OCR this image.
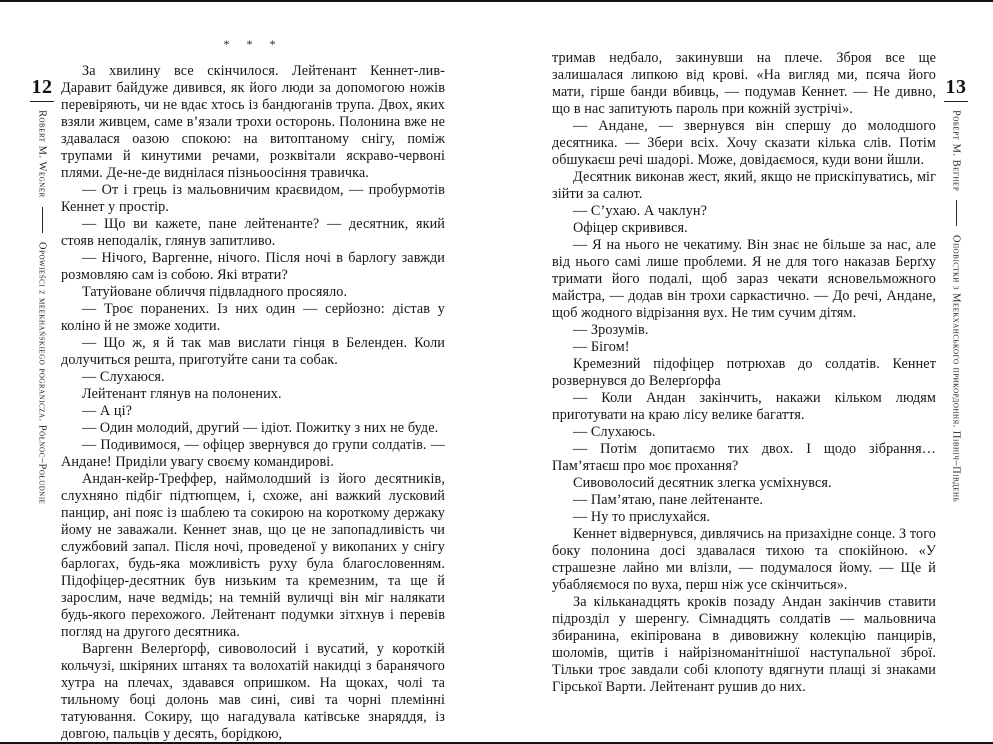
12
Robert M. Wegner
Opowieści z meekhańskiego pogranicza. Północ–Południe
13
Роберт М. Вегнер
Оповістки з Меекханського прикордоння. Північ–Південь
* * *

За хвилину все скінчилося. Лейтенант Кеннет-лив-Даравит байдуже дивився, як його люди за допомогою ножів перевіряють, чи не вдає хтось із бандюганів трупа. Двох, яких взяли живцем, саме в’язали трохи осторонь. Полонина вже не здавалася оазою спокою: на витоптаному снігу, поміж трупами й кинутими речами, розквітали яскраво-червоні плями. Де-не-де виднілася пізньоосіння травичка.

— От і грець із мальовничим краєвидом, — пробурмотів Кеннет у простір.

— Що ви кажете, пане лейтенанте? — десятник, який стояв неподалік, глянув запитливо.

— Нічого, Варгенне, нічого. Після ночі в барлогу завжди розмовляю сам із собою. Які втрати?

Татуйоване обличчя підвладного просяяло.

— Троє поранених. Із них один — серйозно: дістав у коліно й не зможе ходити.

— Що ж, я й так мав вислати гінця в Беленден. Коли долучиться решта, приготуйте сани та собак.

— Слухаюся.

Лейтенант глянув на полонених.

— А ці?

— Один молодий, другий — ідіот. Пожитку з них не буде.

— Подивимося, — офіцер звернувся до групи солдатів. — Андане! Приділи увагу своєму командирові.

Андан-кейр-Треффер, наймолодший із його десятників, слухняно підбіг підтюпцем, і, схоже, ані важкий лусковий панцир, ані пояс із шаблею та сокирою на короткому держаку йому не заважали. Кеннет знав, що це не запопадливість чи службовий запал. Після ночі, проведеної у викопаних у снігу барлогах, будь-яка можливість руху була благословенням. Підофіцер-десятник був низьким та кремезним, та ще й зарослим, наче ведмідь; на темній вуличці він міг налякати будь-якого перехожого. Лейтенант подумки зітхнув і перевів погляд на другого десятника.

Варгенн Велерґорф, сивоволосий і вусатий, у короткій кольчузі, шкіряних штанях та волохатій накидці з баранячого хутра на плечах, здавався опришком. На щоках, чолі та тильному боці долонь мав сині, сиві та чорні племінні татуювання. Сокиру, що нагадувала катівське знаряддя, із довгою, пальців у десять, борідкою,

тримав недбало, закинувши на плече. Зброя все ще залишалася липкою від крові. «На вигляд ми, псяча його мати, гірше банди вбивць, — подумав Кеннет. — Не дивно, що в нас запитують пароль при кожній зустрічі».

— Андане, — звернувся він спершу до молодшого десятника. — Збери всіх. Хочу сказати кілька слів. Потім обшукаєш речі шадорі. Може, довідаємося, куди вони йшли.

Десятник виконав жест, який, якщо не прискіпуватись, міг зійти за салют.

— С’ухаю. А чаклун?

Офіцер скривився.

— Я на нього не чекатиму. Він знає не більше за нас, але від нього самі лише проблеми. Я не для того наказав Берґху тримати його подалі, щоб зараз чекати ясновельможного майстра, — додав він трохи саркастично. — До речі, Андане, щоб жодного відрізання вух. Не тим сучим дітям.

— Зрозумів.

— Бігом!

Кремезний підофіцер потрюхав до солдатів. Кеннет розвернувся до Велерґорфа

— Коли Андан закінчить, накажи кільком людям приготувати на краю лісу велике багаття.

— Слухаюсь.

— Потім допитаємо тих двох. І щодо зібрання… Пам’ятаєш про моє прохання?

Сивоволосий десятник злегка усміхнувся.

— Пам’ятаю, пане лейтенанте.

— Ну то прислухайся.

Кеннет відвернувся, дивлячись на призахідне сонце. З того боку полонина досі здавалася тихою та спокійною. «У страшезне лайно ми влізли, — подумалося йому. — Ще й убабляємося по вуха, перш ніж усе скінчиться».

За кільканадцять кроків позаду Андан закінчив ставити підрозділ у шеренгу. Сімнадцять солдатів — мальовнича збиранина, екіпірована в дивовижну колекцію панцирів, шоломів, щитів і найрізноманітнішої наступальної зброї. Тільки троє завдали собі клопоту вдягнути плащі зі знаками Гірської Варти. Лейтенант рушив до них.
